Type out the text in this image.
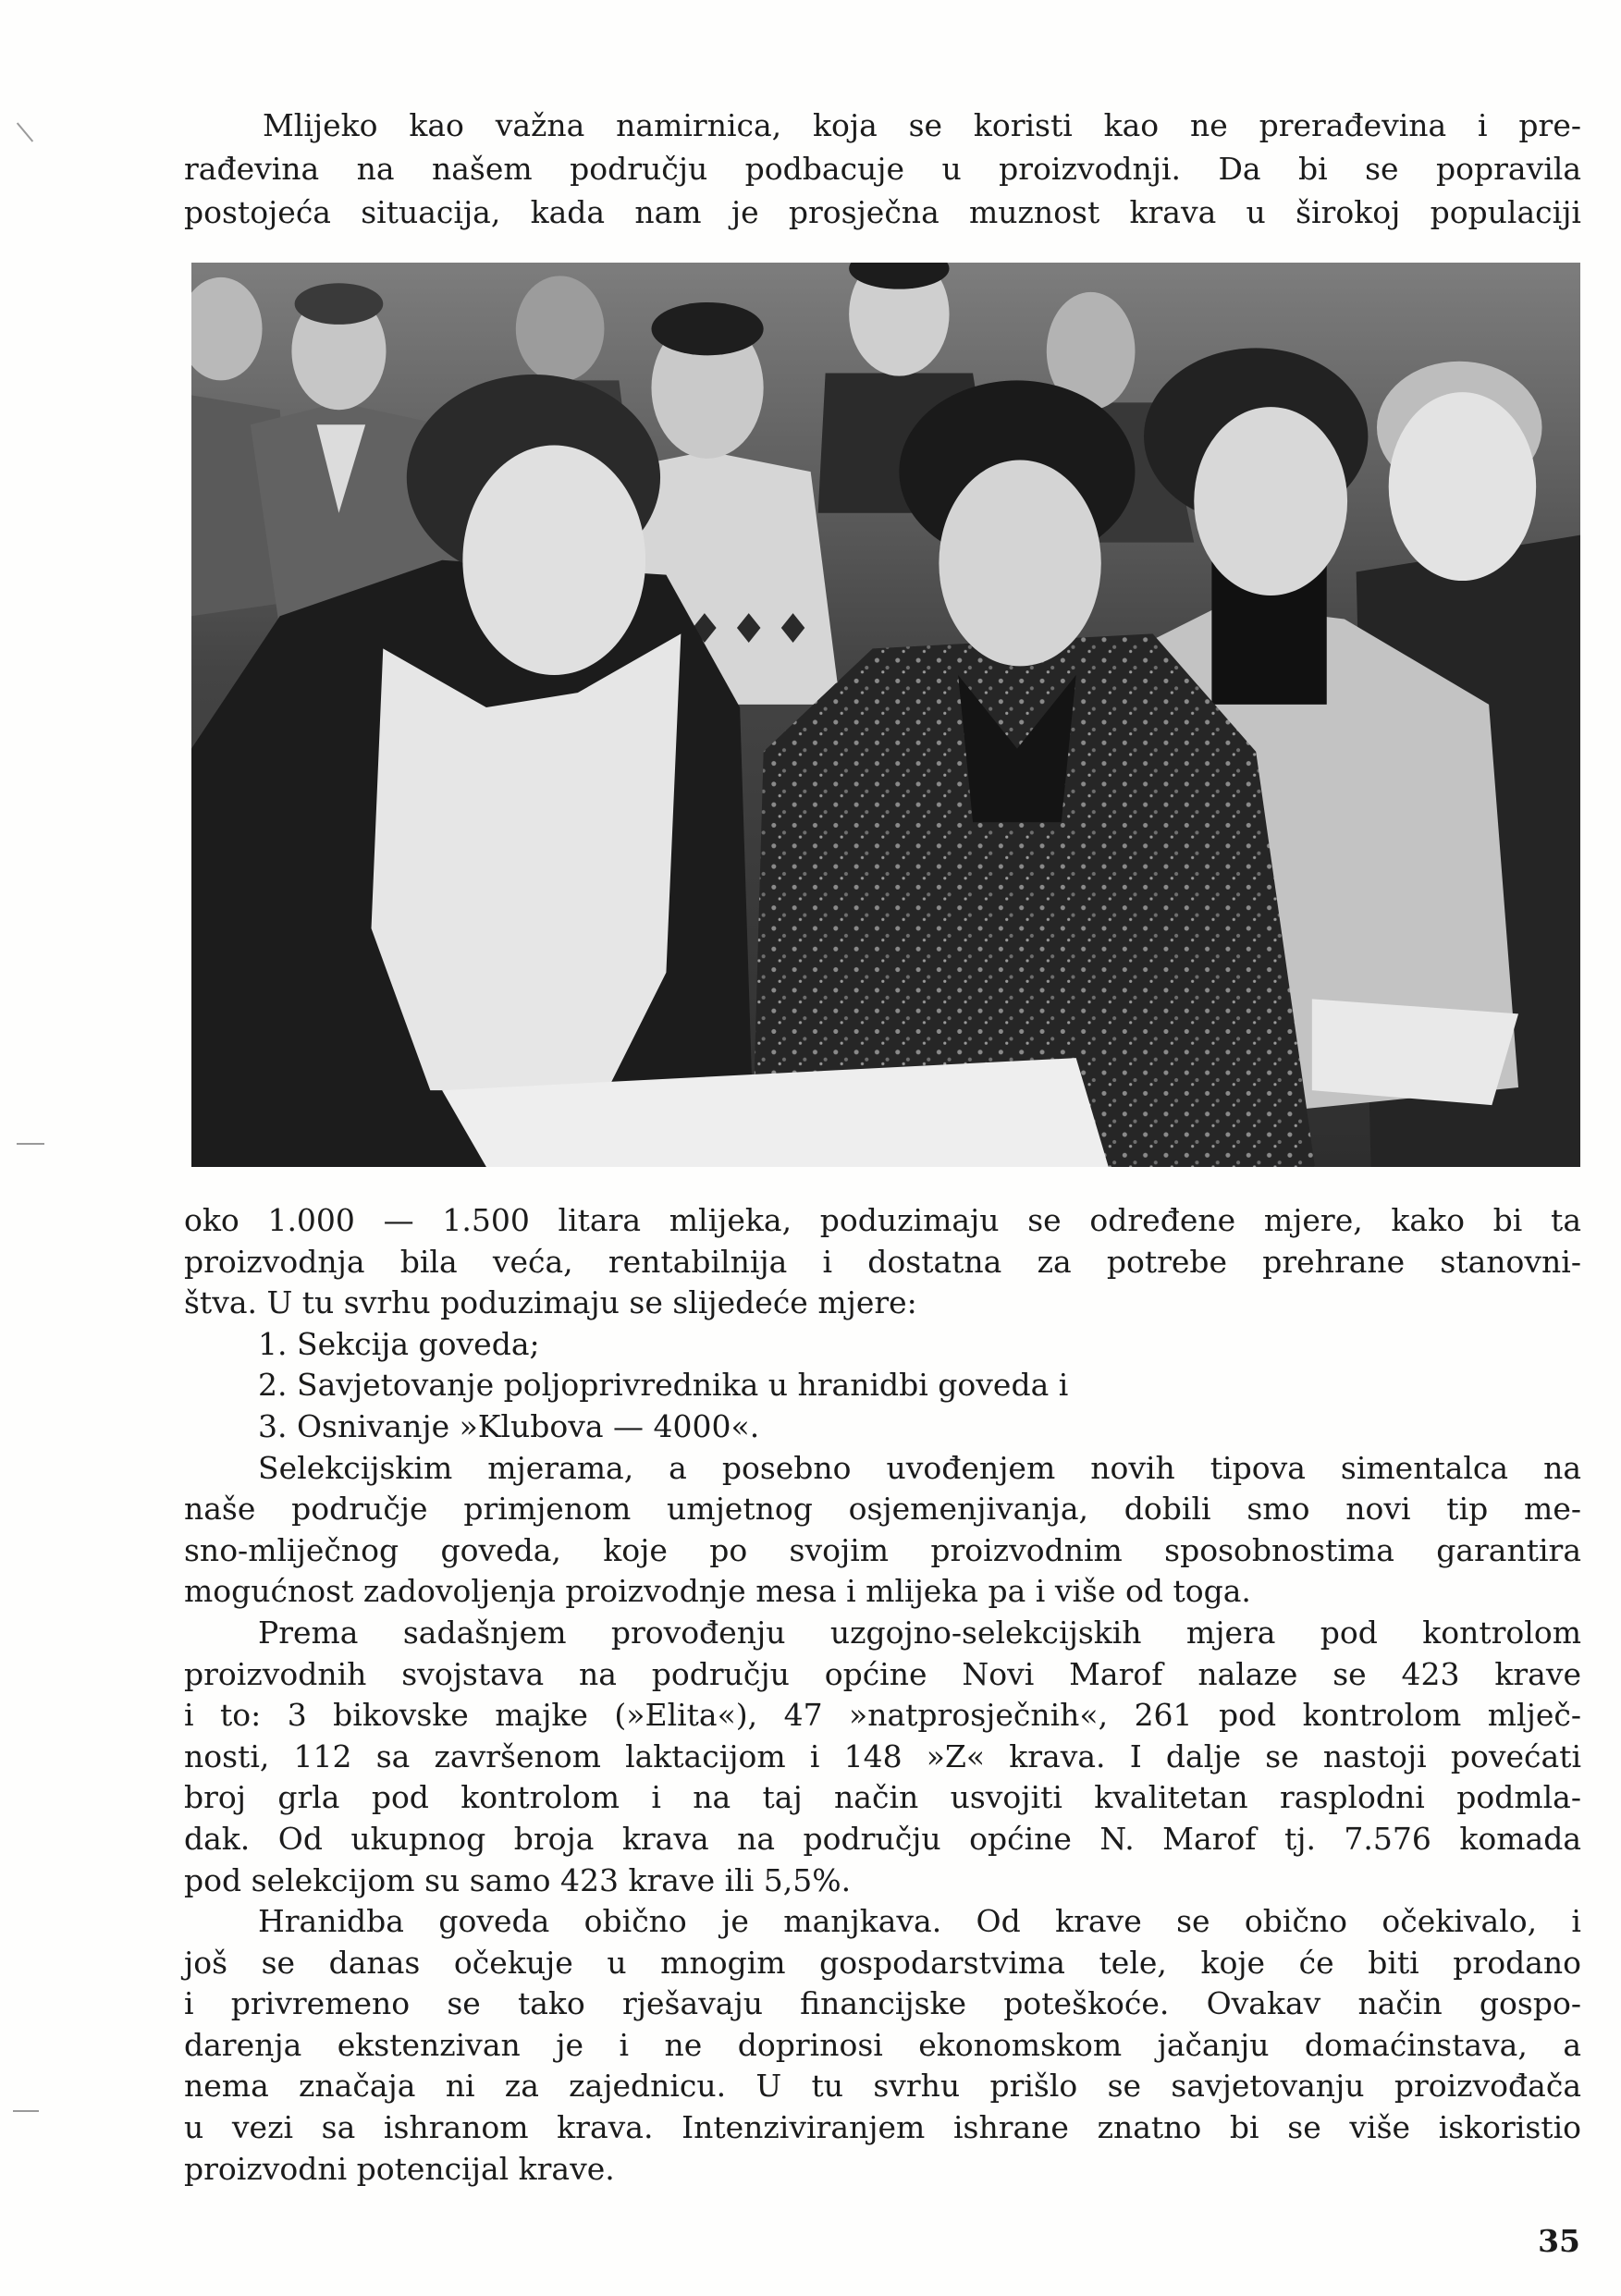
Mlijeko kao važna namirnica, koja se koristi kao ne prerađevina i pre-
rađevina na našem području podbacuje u proizvodnji. Da bi se popravila
postojeća situacija, kada nam je prosječna muznost krava u širokoj populaciji
oko 1.000 — 1.500 litara mlijeka, poduzimaju se određene mjere, kako bi ta
proizvodnja bila veća, rentabilnija i dostatna za potrebe prehrane stanovni-
štva. U tu svrhu poduzimaju se slijedeće mjere:
1. Sekcija goveda;
2. Savjetovanje poljoprivrednika u hranidbi goveda i
3. Osnivanje »Klubova — 4000«.
Selekcijskim mjerama, a posebno uvođenjem novih tipova simentalca na
naše područje primjenom umjetnog osjemenjivanja, dobili smo novi tip me-
sno-mliječnog goveda, koje po svojim proizvodnim sposobnostima garantira
mogućnost zadovoljenja proizvodnje mesa i mlijeka pa i više od toga.
Prema sadašnjem provođenju uzgojno-selekcijskih mjera pod kontrolom
proizvodnih svojstava na području općine Novi Marof nalaze se 423 krave
i to: 3 bikovske majke (»Elita«), 47 »natprosječnih«, 261 pod kontrolom mlječ-
nosti, 112 sa završenom laktacijom i 148 »Z« krava. I dalje se nastoji povećati
broj grla pod kontrolom i na taj način usvojiti kvalitetan rasplodni podmla-
dak. Od ukupnog broja krava na području općine N. Marof tj. 7.576 komada
pod selekcijom su samo 423 krave ili 5,5%.
Hranidba goveda obično je manjkava. Od krave se obično očekivalo, i
još se danas očekuje u mnogim gospodarstvima tele, koje će biti prodano
i privremeno se tako rješavaju financijske poteškoće. Ovakav način gospo-
darenja ekstenzivan je i ne doprinosi ekonomskom jačanju domaćinstava, a
nema značaja ni za zajednicu. U tu svrhu prišlo se savjetovanju proizvođača
u vezi sa ishranom krava. Intenziviranjem ishrane znatno bi se više iskoristio
proizvodni potencijal krave.
35
